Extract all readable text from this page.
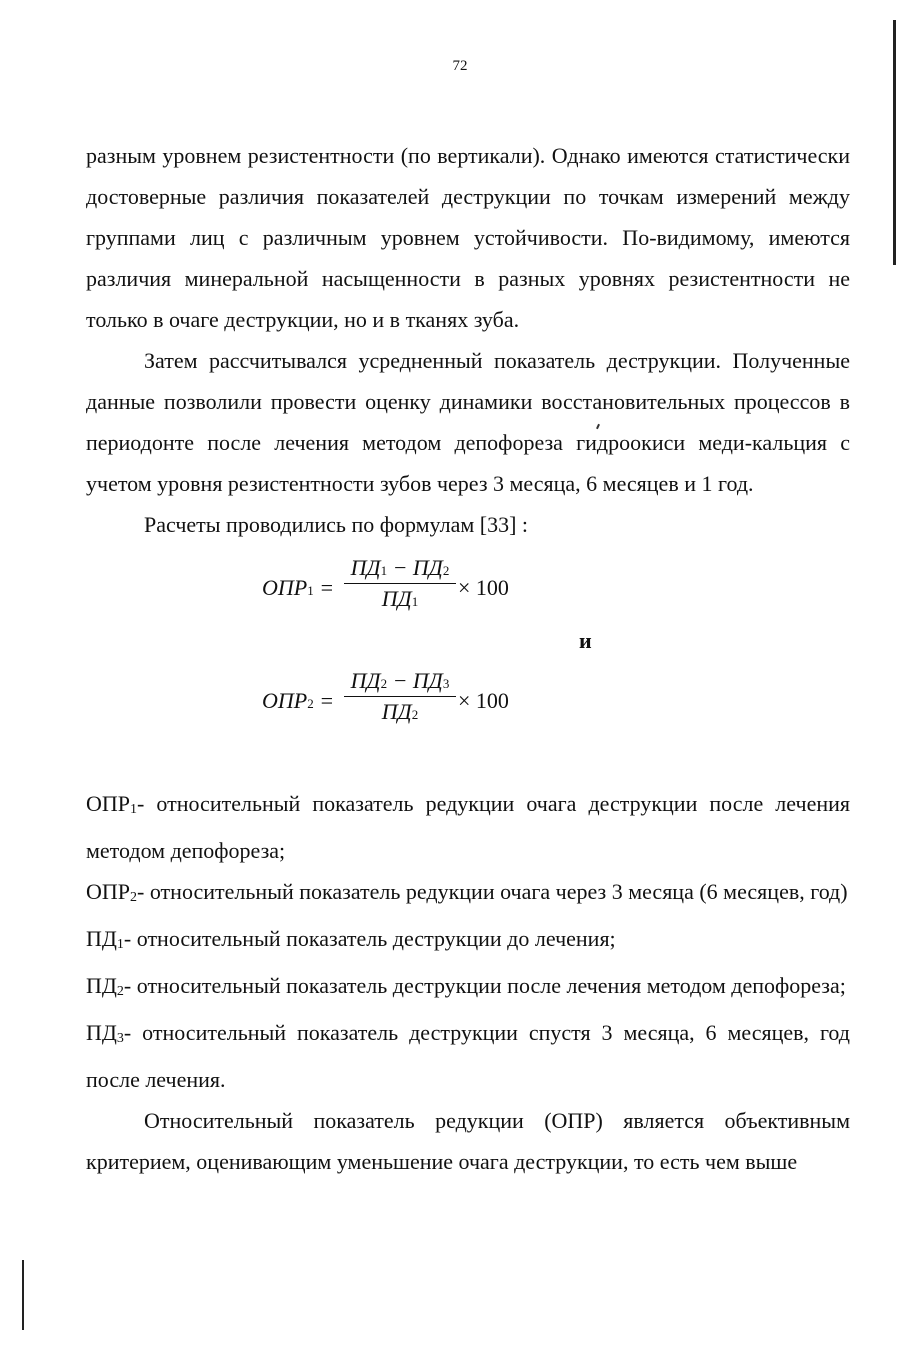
72

разным уровнем резистентности (по вертикали). Однако имеются статистически достоверные различия показателей деструкции по точкам измерений между группами лиц с различным уровнем устойчивости. По-видимому, имеются различия минеральной насыщенности в разных уровнях резистентности не только в очаге деструкции, но и в тканях зуба.

Затем рассчитывался усредненный показатель деструкции. Полученные данные позволили провести оценку динамики восстановительных процессов в периодонте после лечения методом депофореза гидроокиси меди-кальция с учетом уровня резистентности зубов через 3 месяца, 6 месяцев и 1 год.

Расчеты проводились по формулам [33] :

ОПР1 =
ПД1 − ПД2
ПД1
× 100
и
ОПР2 =
ПД2 − ПД3
ПД2
× 100

ОПР1- относительный показатель редукции очага деструкции после лечения методом депофореза;

ОПР2- относительный показатель редукции очага через 3 месяца (6 месяцев, год)

ПД1- относительный показатель деструкции до лечения;

ПД2- относительный показатель деструкции после лечения методом депофореза;

ПД3- относительный показатель деструкции спустя 3 месяца, 6 месяцев, год после лечения.

Относительный показатель редукции (ОПР) является объективным критерием, оценивающим уменьшение очага деструкции, то есть чем выше
